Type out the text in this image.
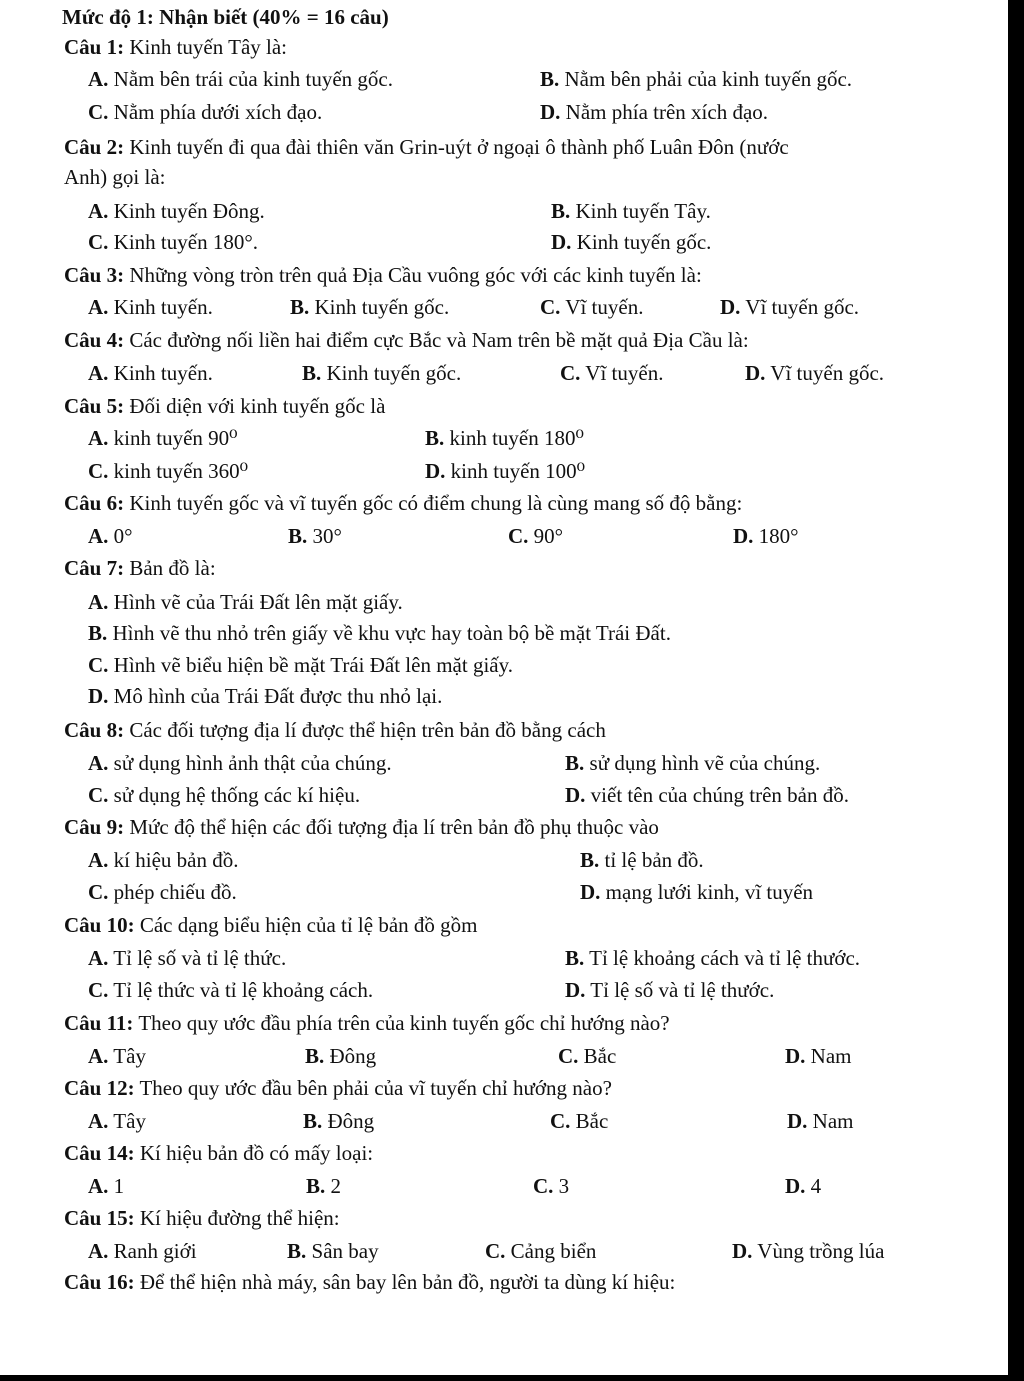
Mức độ 1: Nhận biết (40% = 16 câu)
Câu 1: Kinh tuyến Tây là:
A. Nằm bên trái của kinh tuyến gốc.	B. Nằm bên phải của kinh tuyến gốc.
C. Nằm phía dưới xích đạo.	D. Nằm phía trên xích đạo.
Câu 2: Kinh tuyến đi qua đài thiên văn Grin-uýt ở ngoại ô thành phố Luân Đôn (nước
Anh) gọi là:
A. Kinh tuyến Đông.	B. Kinh tuyến Tây.
C. Kinh tuyến 180°.	D. Kinh tuyến gốc.
Câu 3: Những vòng tròn trên quả Địa Cầu vuông góc với các kinh tuyến là:
A. Kinh tuyến.	B. Kinh tuyến gốc.	C. Vĩ tuyến.	D. Vĩ tuyến gốc.
Câu 4: Các đường nối liền hai điểm cực Bắc và Nam trên bề mặt quả Địa Cầu là:
A. Kinh tuyến.	B. Kinh tuyến gốc.	C. Vĩ tuyến.	D. Vĩ tuyến gốc.
Câu 5: Đối diện với kinh tuyến gốc là
A. kinh tuyến 90⁰	B. kinh tuyến 180⁰
C. kinh tuyến 360⁰	D. kinh tuyến 100⁰
Câu 6: Kinh tuyến gốc và vĩ tuyến gốc có điểm chung là cùng mang số độ bằng:
A. 0°	B. 30°	C. 90°	D. 180°
Câu 7: Bản đồ là:
A. Hình vẽ của Trái Đất lên mặt giấy.
B. Hình vẽ thu nhỏ trên giấy về khu vực hay toàn bộ bề mặt Trái Đất.
C. Hình vẽ biểu hiện bề mặt Trái Đất lên mặt giấy.
D. Mô hình của Trái Đất được thu nhỏ lại.
Câu 8: Các đối tượng địa lí được thể hiện trên bản đồ bằng cách
A. sử dụng hình ảnh thật của chúng.	B. sử dụng hình vẽ của chúng.
C. sử dụng hệ thống các kí hiệu.	D. viết tên của chúng trên bản đồ.
Câu 9: Mức độ thể hiện các đối tượng địa lí trên bản đồ phụ thuộc vào
A. kí hiệu bản đồ.	B. tỉ lệ bản đồ.
C. phép chiếu đồ.	D. mạng lưới kinh, vĩ tuyến
Câu 10: Các dạng biểu hiện của tỉ lệ bản đồ gồm
A. Tỉ lệ số và tỉ lệ thức.	B. Tỉ lệ khoảng cách và tỉ lệ thước.
C. Tỉ lệ thức và tỉ lệ khoảng cách.	D. Tỉ lệ số và tỉ lệ thước.
Câu 11: Theo quy ước đầu phía trên của kinh tuyến gốc chỉ hướng nào?
A. Tây	B. Đông	C. Bắc	D. Nam
Câu 12: Theo quy ước đầu bên phải của vĩ tuyến chỉ hướng nào?
A. Tây	B. Đông	C. Bắc	D. Nam
Câu 14: Kí hiệu bản đồ có mấy loại:
A. 1	B. 2	C. 3	D. 4
Câu 15: Kí hiệu đường thể hiện:
A. Ranh giới	B. Sân bay	C. Cảng biển	D. Vùng trồng lúa
Câu 16: Để thể hiện nhà máy, sân bay lên bản đồ, người ta dùng kí hiệu:
